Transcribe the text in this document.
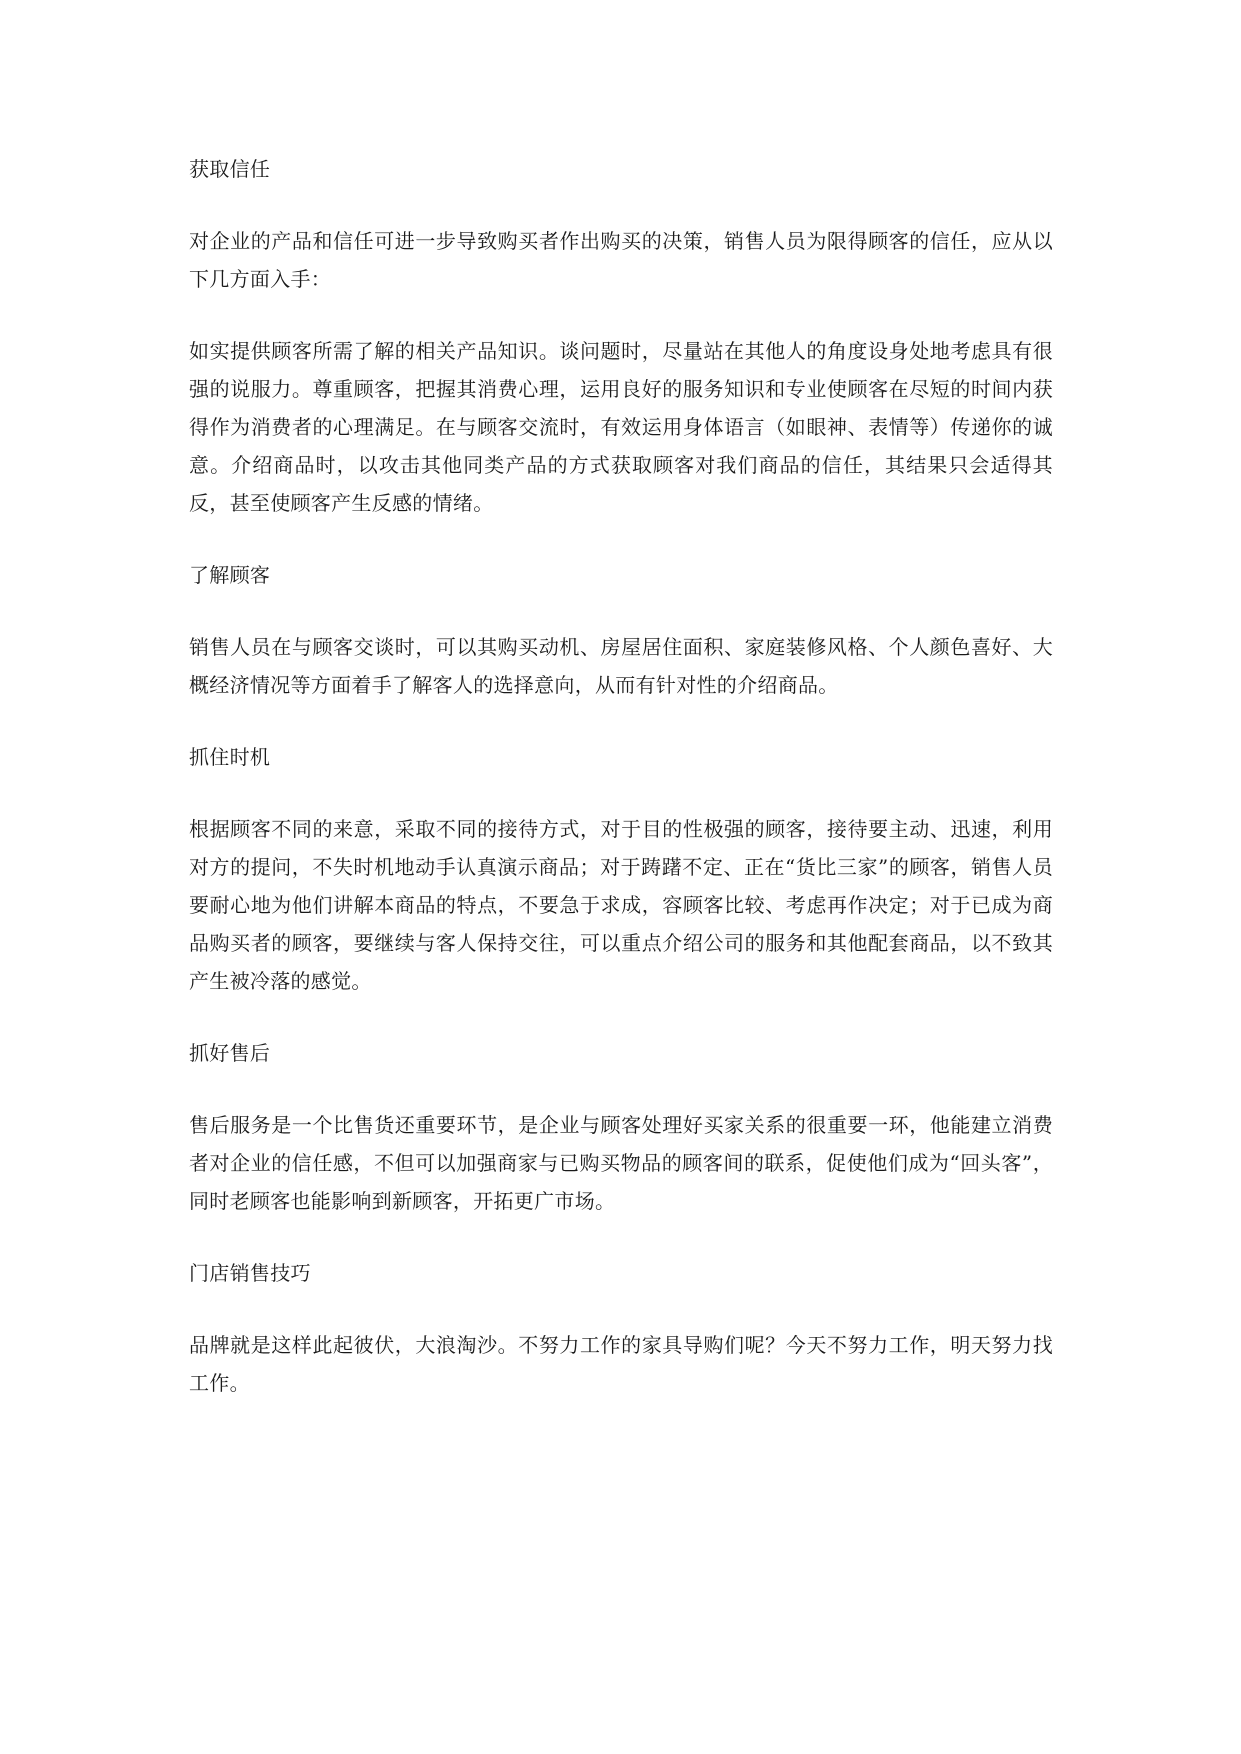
获取信任
对企业的产品和信任可进一步导致购买者作出购买的决策，销售人员为限得顾客的信任，应从以下几方面入手：
如实提供顾客所需了解的相关产品知识。谈问题时，尽量站在其他人的角度设身处地考虑具有很强的说服力。尊重顾客，把握其消费心理，运用良好的服务知识和专业使顾客在尽短的时间内获得作为消费者的心理满足。在与顾客交流时，有效运用身体语言（如眼神、表情等）传递你的诚意。介绍商品时，以攻击其他同类产品的方式获取顾客对我们商品的信任，其结果只会适得其反，甚至使顾客产生反感的情绪。
了解顾客
销售人员在与顾客交谈时，可以其购买动机、房屋居住面积、家庭装修风格、个人颜色喜好、大概经济情况等方面着手了解客人的选择意向，从而有针对性的介绍商品。
抓住时机
根据顾客不同的来意，采取不同的接待方式，对于目的性极强的顾客，接待要主动、迅速，利用对方的提问，不失时机地动手认真演示商品；对于踌躇不定、正在“货比三家”的顾客，销售人员要耐心地为他们讲解本商品的特点，不要急于求成，容顾客比较、考虑再作决定；对于已成为商品购买者的顾客，要继续与客人保持交往，可以重点介绍公司的服务和其他配套商品，以不致其产生被冷落的感觉。
抓好售后
售后服务是一个比售货还重要环节，是企业与顾客处理好买家关系的很重要一环，他能建立消费者对企业的信任感，不但可以加强商家与已购买物品的顾客间的联系，促使他们成为“回头客”，同时老顾客也能影响到新顾客，开拓更广市场。
门店销售技巧
品牌就是这样此起彼伏，大浪淘沙。不努力工作的家具导购们呢？今天不努力工作，明天努力找工作。
